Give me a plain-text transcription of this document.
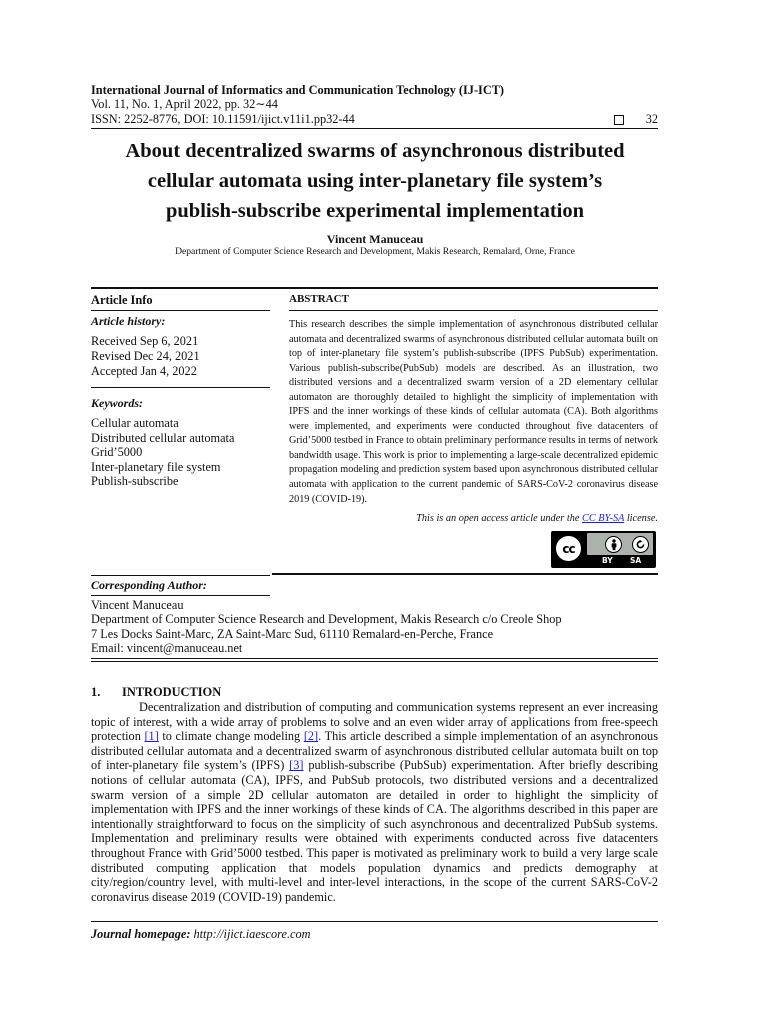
International Journal of Informatics and Communication Technology (IJ-ICT)
Vol. 11, No. 1, April 2022, pp. 32∼44
ISSN: 2252-8776, DOI: 10.11591/ijict.v11i1.pp32-44	32
About decentralized swarms of asynchronous distributed
cellular automata using inter-planetary file system’s
publish-subscribe experimental implementation
Vincent Manuceau
Department of Computer Science Research and Development, Makis Research, Remalard, Orne, France
Article Info	ABSTRACT
Article history:
Received Sep 6, 2021
Revised Dec 24, 2021
Accepted Jan 4, 2022
Keywords:
Cellular automata
Distributed cellular automata
Grid’5000
Inter-planetary file system
Publish-subscribe
This research describes the simple implementation of asynchronous distributed cellular automata and decentralized swarms of asynchronous distributed cellular automata built on top of inter-planetary file system’s publish-subscribe (IPFS PubSub) experimentation. Various publish-subscribe(PubSub) models are described. As an illustration, two distributed versions and a decentralized swarm version of a 2D elementary cellular automaton are thoroughly detailed to highlight the simplicity of implementation with IPFS and the inner workings of these kinds of cellular automata (CA). Both algorithms were implemented, and experiments were conducted throughout five datacenters of Grid’5000 testbed in France to obtain preliminary performance results in terms of network bandwidth usage. This work is prior to implementing a large-scale decentralized epidemic propagation modeling and prediction system based upon asynchronous distributed cellular automata with application to the current pandemic of SARS-CoV-2 coronavirus disease 2019 (COVID-19).
This is an open access article under the CC BY-SA license.
cc
BY SA
Corresponding Author:
Vincent Manuceau
Department of Computer Science Research and Development, Makis Research c/o Creole Shop
7 Les Docks Saint-Marc, ZA Saint-Marc Sud, 61110 Remalard-en-Perche, France
Email: vincent@manuceau.net
1. INTRODUCTION
Decentralization and distribution of computing and communication systems represent an ever increasing topic of interest, with a wide array of problems to solve and an even wider array of applications from free-speech protection [1] to climate change modeling [2]. This article described a simple implementation of an asynchronous distributed cellular automata and a decentralized swarm of asynchronous distributed cellular automata built on top of inter-planetary file system’s (IPFS) [3] publish-subscribe (PubSub) experimentation. After briefly describing notions of cellular automata (CA), IPFS, and PubSub protocols, two distributed versions and a decentralized swarm version of a simple 2D cellular automaton are detailed in order to highlight the simplicity of implementation with IPFS and the inner workings of these kinds of CA. The algorithms described in this paper are intentionally straightforward to focus on the simplicity of such asynchronous and decentralized PubSub systems. Implementation and preliminary results were obtained with experiments conducted across five datacenters throughout France with Grid’5000 testbed. This paper is motivated as preliminary work to build a very large scale distributed computing application that models population dynamics and predicts demography at city/region/country level, with multi-level and inter-level interactions, in the scope of the current SARS-CoV-2 coronavirus disease 2019 (COVID-19) pandemic.
Journal homepage: http://ijict.iaescore.com
